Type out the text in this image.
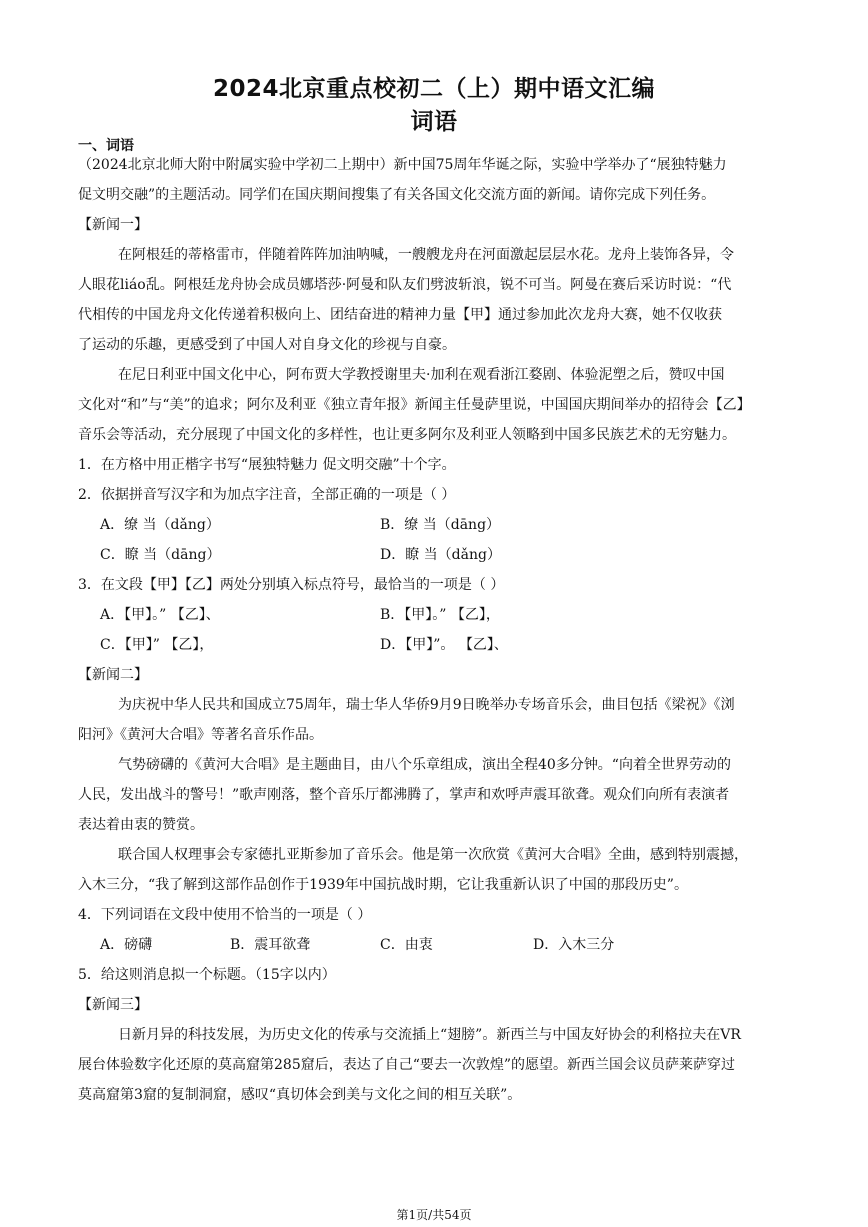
2024北京重点校初二（上）期中语文汇编
词语
一、词语
（2024北京北师大附中附属实验中学初二上期中）新中国75周年华诞之际，实验中学举办了“展独特魅力
促文明交融”的主题活动。同学们在国庆期间搜集了有关各国文化交流方面的新闻。请你完成下列任务。
【新闻一】
在阿根廷的蒂格雷市，伴随着阵阵加油呐喊，一艘艘龙舟在河面激起层层水花。龙舟上装饰各异，令
人眼花liáo乱。阿根廷龙舟协会成员娜塔莎·阿曼和队友们劈波斩浪，锐不可当。阿曼在赛后采访时说：“代
代相传的中国龙舟文化传递着积极向上、团结奋进的精神力量【甲】通过参加此次龙舟大赛，她不仅收获
了运动的乐趣，更感受到了中国人对自身文化的珍视与自豪。
在尼日利亚中国文化中心，阿布贾大学教授谢里夫·加利在观看浙江婺剧、体验泥塑之后，赞叹中国
文化对“和”与“美”的追求；阿尔及利亚《独立青年报》新闻主任曼萨里说，中国国庆期间举办的招待会【乙】
音乐会等活动，充分展现了中国文化的多样性，也让更多阿尔及利亚人领略到中国多民族艺术的无穷魅力。
1．在方格中用正楷字书写“展独特魅力 促文明交融”十个字。
2．依据拼音写汉字和为加点字注音，全部正确的一项是（ ）
A．缭 当（dǎng）	B．缭 当（dāng）
C．瞭 当（dāng）	D．瞭 当（dǎng）
3．在文段【甲】【乙】两处分别填入标点符号，最恰当的一项是（ ）
A．【甲】。” 【乙】、	B．【甲】。” 【乙】，
C．【甲】” 【乙】，	D．【甲】”。 【乙】、
【新闻二】
为庆祝中华人民共和国成立75周年，瑞士华人华侨9月9日晚举办专场音乐会，曲目包括《梁祝》《浏
阳河》《黄河大合唱》等著名音乐作品。
气势磅礴的《黄河大合唱》是主题曲目，由八个乐章组成，演出全程40多分钟。“向着全世界劳动的
人民，发出战斗的警号！”歌声刚落，整个音乐厅都沸腾了，掌声和欢呼声震耳欲聋。观众们向所有表演者
表达着由衷的赞赏。
联合国人权理事会专家德扎亚斯参加了音乐会。他是第一次欣赏《黄河大合唱》全曲，感到特别震撼，
入木三分，“我了解到这部作品创作于1939年中国抗战时期，它让我重新认识了中国的那段历史”。
4．下列词语在文段中使用不恰当的一项是（ ）
A．磅礴	B．震耳欲聋	C．由衷	D．入木三分
5．给这则消息拟一个标题。（15字以内）
【新闻三】
日新月异的科技发展，为历史文化的传承与交流插上“翅膀”。新西兰与中国友好协会的利格拉夫在VR
展台体验数字化还原的莫高窟第285窟后，表达了自己“要去一次敦煌”的愿望。新西兰国会议员萨莱萨穿过
莫高窟第3窟的复制洞窟，感叹“真切体会到美与文化之间的相互关联”。
第1页/共54页
